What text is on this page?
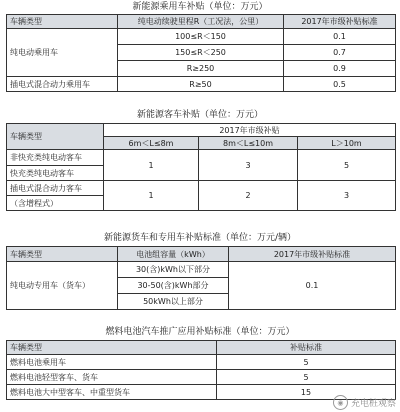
新能源乘用车补贴（单位：万元）
车辆类型	纯电动续驶里程R（工况法，公里）	2017年市级补贴标准
纯电动乘用车	100≤R＜150	0.1
	150≤R＜250	0.7
	R≥250	0.9
插电式混合动力乘用车	R≥50	0.5
新能源客车补贴（单位：万元）
车辆类型	2017年市级补贴		
	6m＜L≤8m	8m＜L≤10m	L＞10m
非快充类纯电动客车	1	3	5
快充类纯电动客车			
插电式混合动力客车	1	2	3
（含增程式）			
新能源货车和专用车补贴标准（单位：万元/辆）
车辆类型	电池组容量（kWh）	2017年市级补贴标准
纯电动专用车（货车）	30(含)kWh以下部分	0.1
	30-50(含)kWh部分	
	50kWh以上部分	
燃料电池汽车推广应用补贴标准（单位：万元）
车辆类型	补贴标准
燃料电池乘用车	5
燃料电池轻型客车、货车	5
燃料电池大中型客车、中重型货车	15
◉ 充电桩观察
